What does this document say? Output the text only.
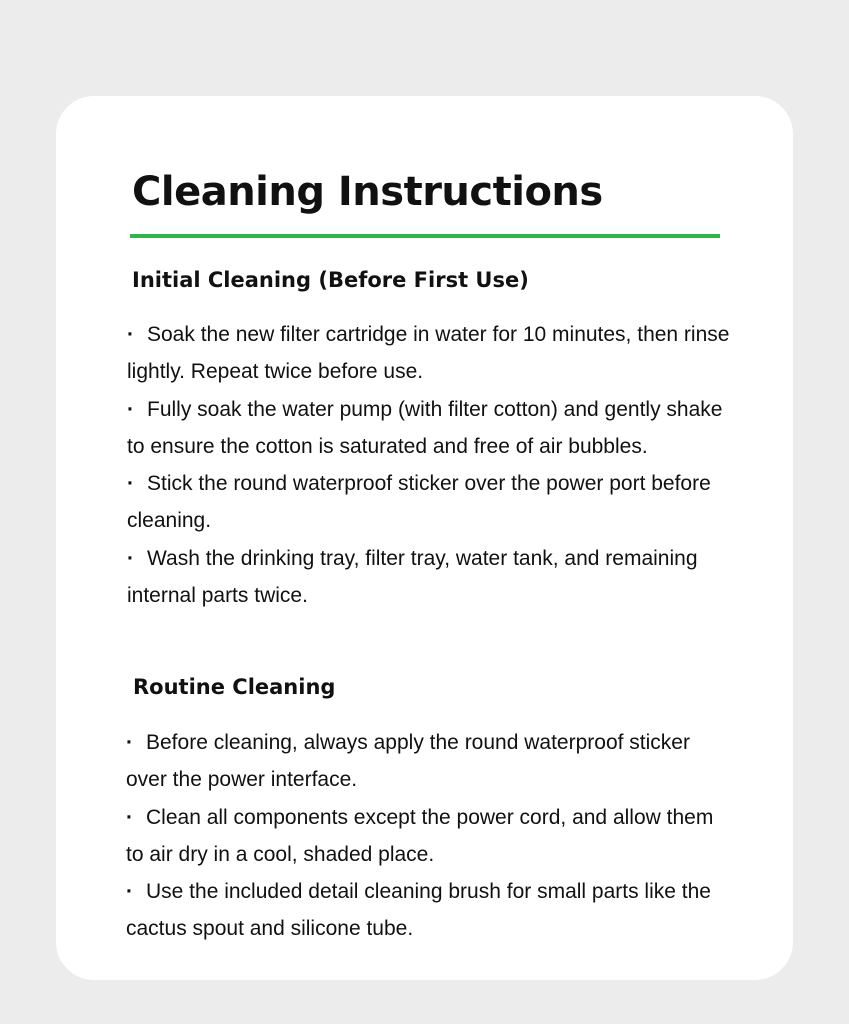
Cleaning Instructions
Initial Cleaning (Before First Use)
· Soak the new filter cartridge in water for 10 minutes, then rinse lightly. Repeat twice before use.
· Fully soak the water pump (with filter cotton) and gently shake to ensure the cotton is saturated and free of air bubbles.
· Stick the round waterproof sticker over the power port before cleaning.
· Wash the drinking tray, filter tray, water tank, and remaining internal parts twice.
Routine Cleaning
· Before cleaning, always apply the round waterproof sticker over the power interface.
· Clean all components except the power cord, and allow them to air dry in a cool, shaded place.
· Use the included detail cleaning brush for small parts like the cactus spout and silicone tube.
